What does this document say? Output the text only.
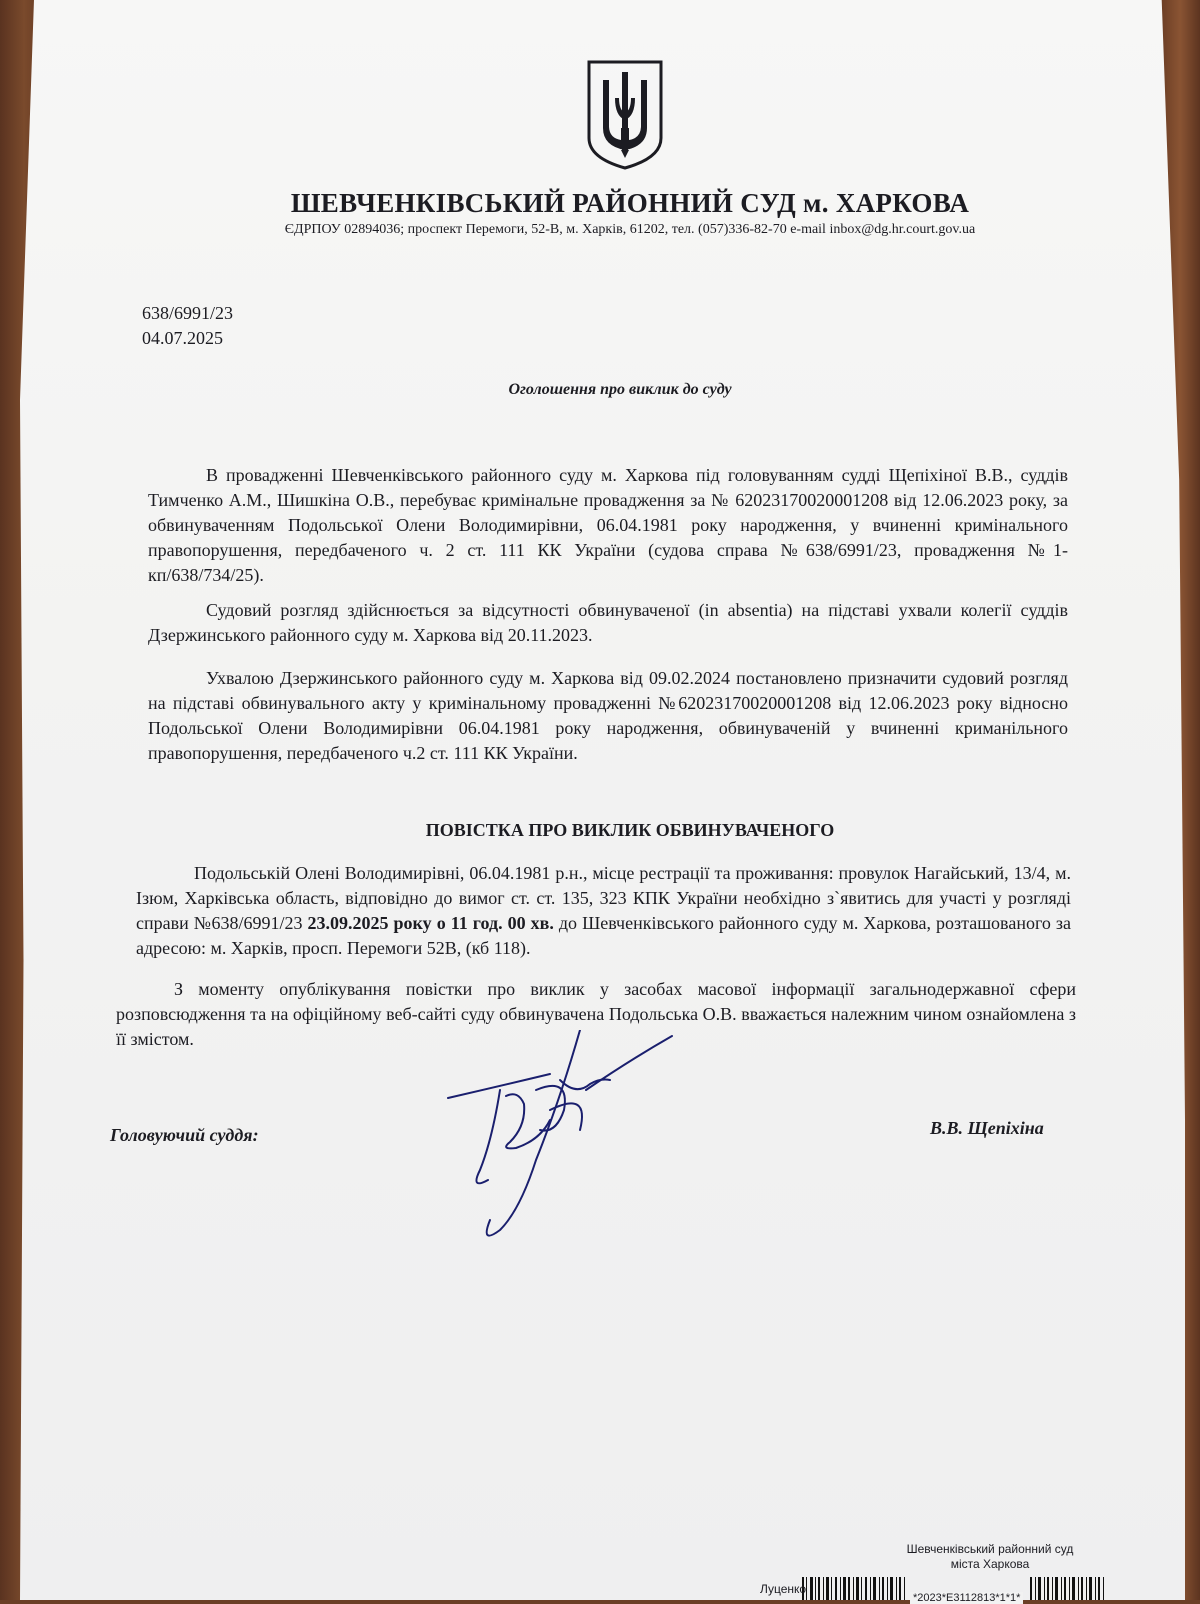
ШЕВЧЕНКІВСЬКИЙ РАЙОННИЙ СУД м. ХАРКОВА
ЄДРПОУ 02894036; проспект Перемоги, 52-В, м. Харків, 61202, тел. (057)336-82-70 e-mail inbox@dg.hr.court.gov.ua
638/6991/23
04.07.2025
Оголошення про виклик до суду
В провадженні Шевченківського районного суду м. Харкова під головуванням судді Щепіхіної В.В., суддів Тимченко А.М., Шишкіна О.В., перебуває кримінальне провадження за № 62023170020001208 від 12.06.2023 року, за обвинуваченням Подольської Олени Володимирівни, 06.04.1981 року народження, у вчиненні кримінального правопорушення, передбаченого ч. 2 ст. 111 КК України (судова справа №638/6991/23, провадження №1-кп/638/734/25).
Судовий розгляд здійснюється за відсутності обвинуваченої (in absentia) на підставі ухвали колегії суддів Дзержинського районного суду м. Харкова від 20.11.2023.
Ухвалою Дзержинського районного суду м. Харкова від 09.02.2024 постановлено призначити судовий розгляд на підставі обвинувального акту у кримінальному провадженні №62023170020001208 від 12.06.2023 року відносно Подольської Олени Володимирівни 06.04.1981 року народження, обвинуваченій у вчиненні криманільного правопорушення, передбаченого ч.2 ст. 111 КК України.
ПОВІСТКА ПРО ВИКЛИК ОБВИНУВАЧЕНОГО
Подольській Олені Володимирівні, 06.04.1981 р.н., місце рестрації та проживання: провулок Нагайський, 13/4, м. Ізюм, Харківська область, відповідно до вимог ст. ст. 135, 323 КПК України необхідно з`явитись для участі у розгляді справи №638/6991/23 23.09.2025 року о 11 год. 00 хв. до Шевченківського районного суду м. Харкова, розташованого за адресою: м. Харків, просп. Перемоги 52В, (кб 118).
З моменту опублікування повістки про виклик у засобах масової інформації загальнодержавної сфери розповсюдження та на офіційному веб-сайті суду обвинувачена Подольська О.В. вважається належним чином ознайомлена з її змістом.
Головуючий суддя:	В.В. Щепіхіна
Шевченківський районний суд
міста Харкова
Луценко
*2023*Е3112813*1*1*
